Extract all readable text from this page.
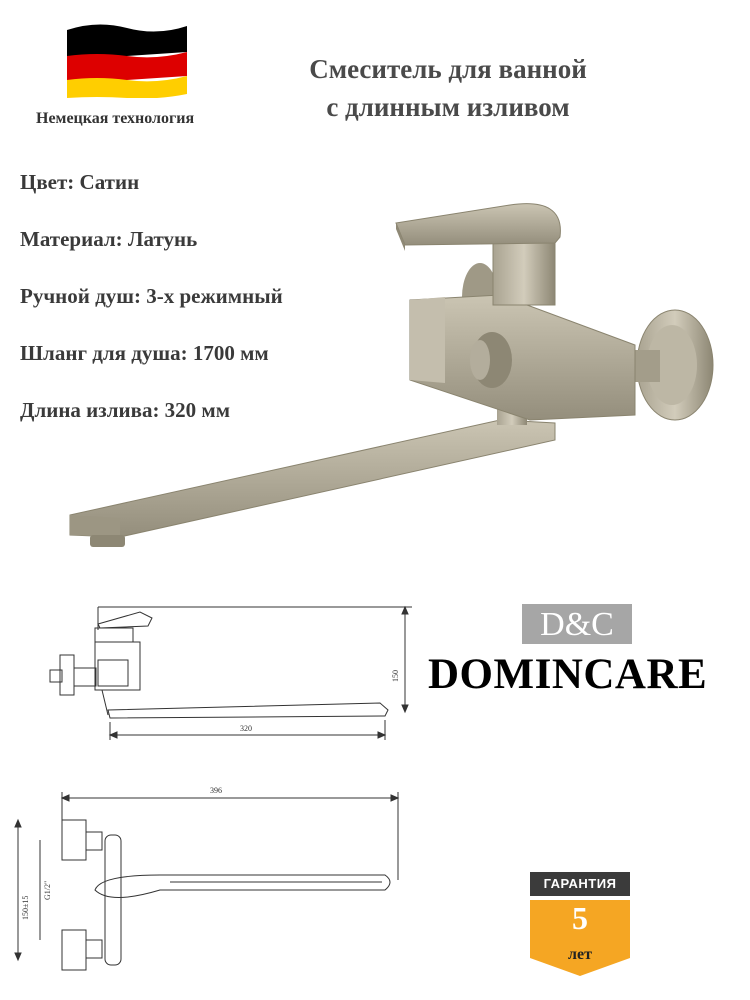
Немецкая технология
Смеситель для ванной
с длинным изливом
Цвет: Сатин
Материал: Латунь
Ручной душ: 3-х режимный
Шланг для душа: 1700 мм
Длина излива: 320 мм
150
320
396
150±15
G1/2"
D&C
DOMINCARE
ГАРАНТИЯ
5
лет
